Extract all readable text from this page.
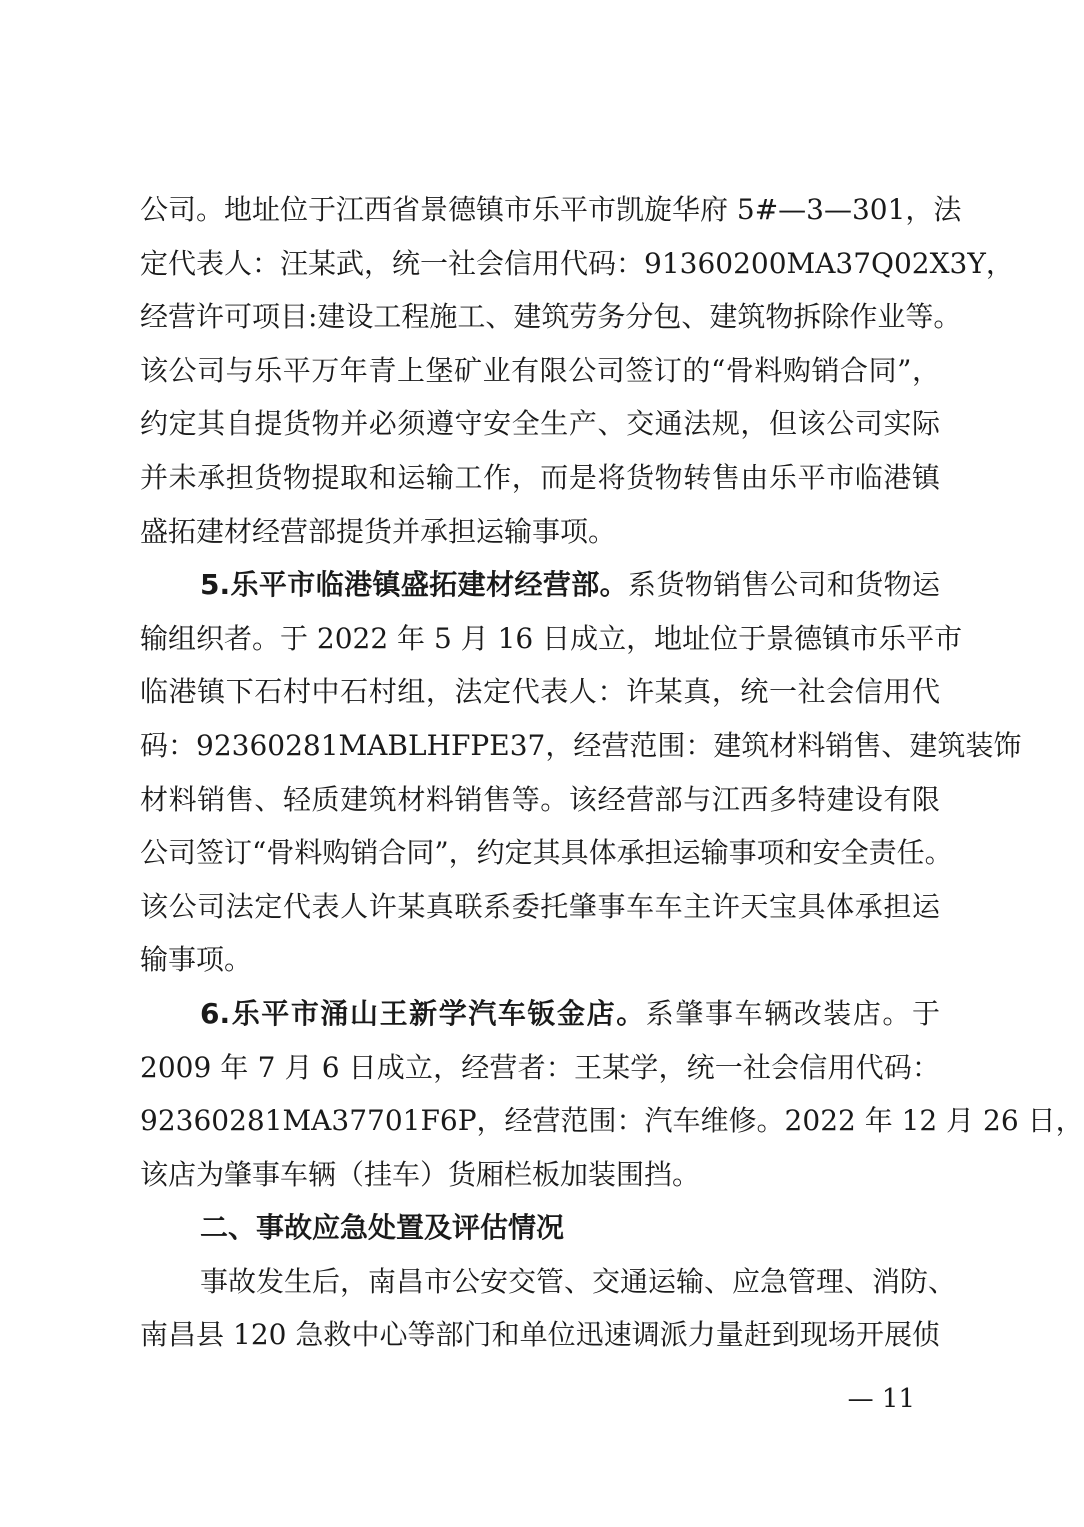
公司。地址位于江西省景德镇市乐平市凯旋华府 5#—3—301，法
定代表人：汪某武，统一社会信用代码：91360200MA37Q02X3Y，
经营许可项目:建设工程施工、建筑劳务分包、建筑物拆除作业等。
该公司与乐平万年青上堡矿业有限公司签订的“骨料购销合同”，
约定其自提货物并必须遵守安全生产、交通法规，但该公司实际
并未承担货物提取和运输工作，而是将货物转售由乐平市临港镇
盛拓建材经营部提货并承担运输事项。
5.乐平市临港镇盛拓建材经营部。系货物销售公司和货物运
输组织者。于 2022 年 5 月 16 日成立，地址位于景德镇市乐平市
临港镇下石村中石村组，法定代表人：许某真，统一社会信用代
码：92360281MABLHFPE37，经营范围：建筑材料销售、建筑装饰
材料销售、轻质建筑材料销售等。该经营部与江西多特建设有限
公司签订“骨料购销合同”，约定其具体承担运输事项和安全责任。
该公司法定代表人许某真联系委托肇事车车主许天宝具体承担运
输事项。
6.乐平市涌山王新学汽车钣金店。系肇事车辆改装店。于
2009 年 7 月 6 日成立，经营者：王某学，统一社会信用代码：
92360281MA37701F6P，经营范围：汽车维修。2022 年 12 月 26 日，
该店为肇事车辆（挂车）货厢栏板加装围挡。
二、事故应急处置及评估情况
事故发生后，南昌市公安交管、交通运输、应急管理、消防、
南昌县 120 急救中心等部门和单位迅速调派力量赶到现场开展侦
— 11
